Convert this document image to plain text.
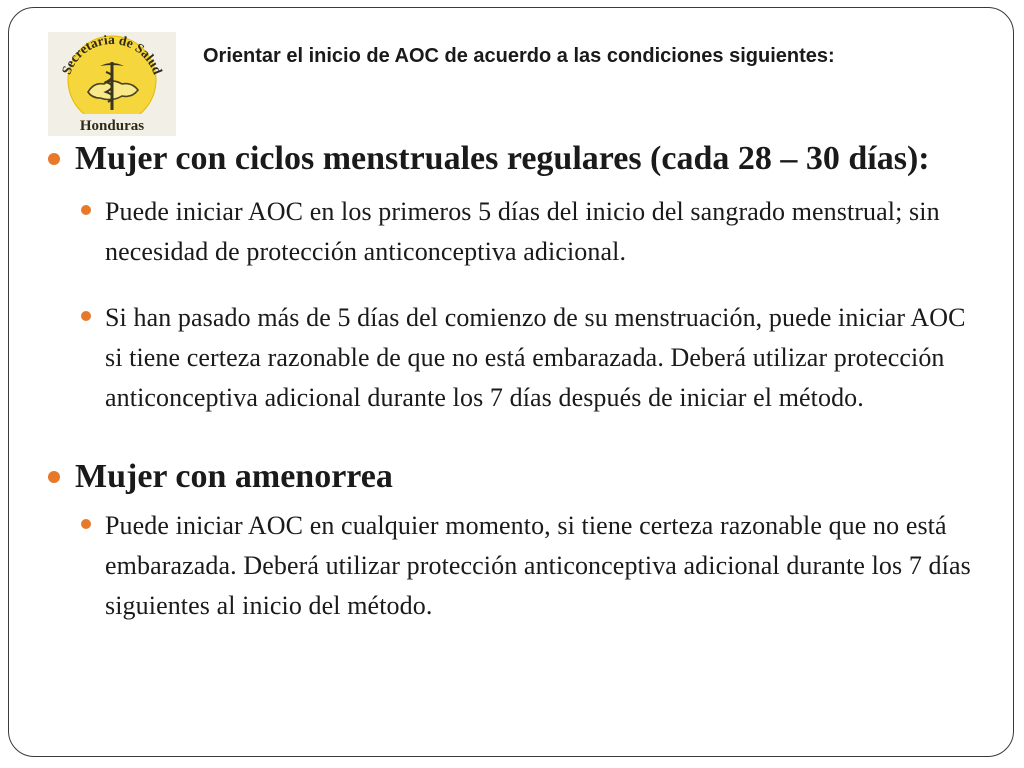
Secretaria de Salud
Honduras

Orientar el inicio de AOC de acuerdo a las condiciones siguientes:

Mujer con ciclos menstruales regulares (cada 28 – 30 días):

Puede iniciar AOC en los primeros 5 días del inicio del sangrado menstrual; sin necesidad de protección anticonceptiva adicional.

Si han pasado más de 5 días del comienzo de su menstruación, puede iniciar AOC si tiene certeza razonable de que no está embarazada. Deberá utilizar protección anticonceptiva adicional durante los 7 días después de iniciar el método.

Mujer con amenorrea

Puede iniciar AOC en cualquier momento, si tiene certeza razonable que no está embarazada. Deberá utilizar protección anticonceptiva adicional durante los 7 días siguientes al inicio del método.
